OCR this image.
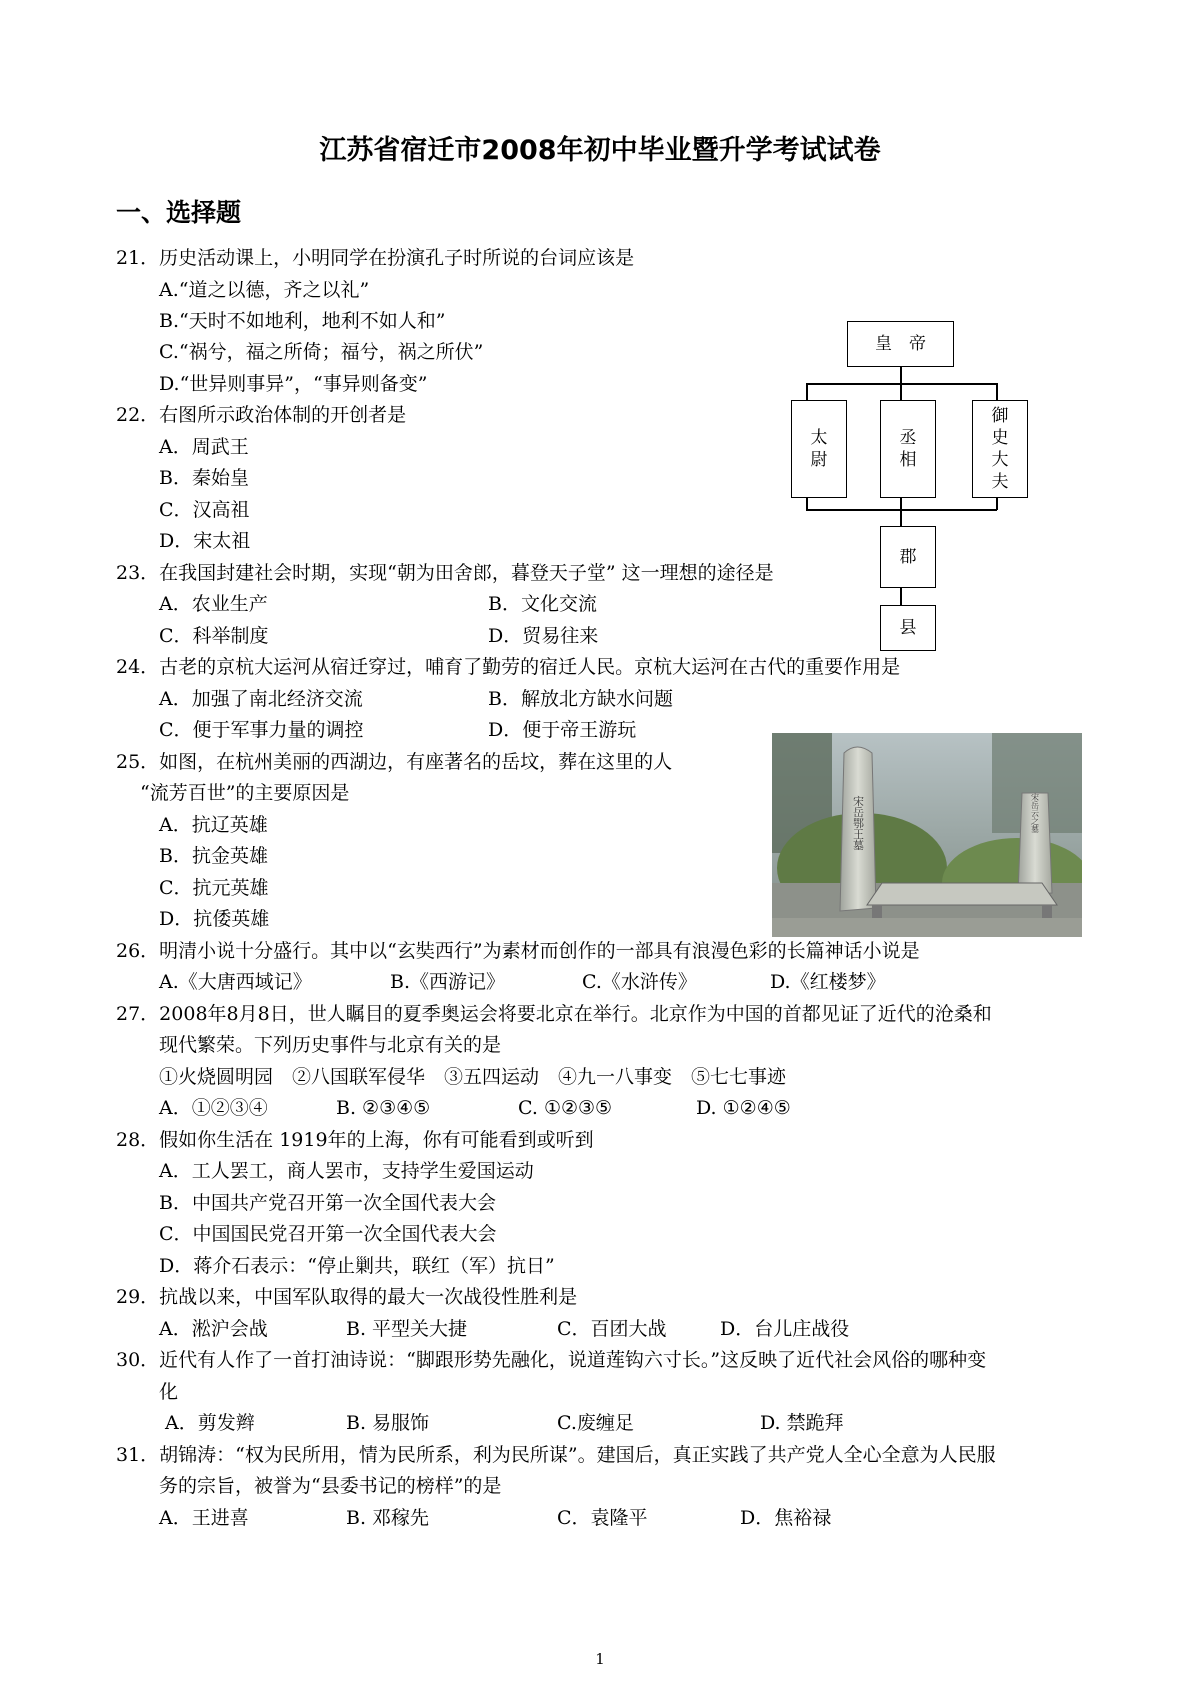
江苏省宿迁市2008年初中毕业暨升学考试试卷
一、选择题
21．历史活动课上，小明同学在扮演孔子时所说的台词应该是
A.“道之以德，齐之以礼”
B.“天时不如地利，地利不如人和”
C.“祸兮，福之所倚；福兮，祸之所伏”
D.“世异则事异”，“事异则备变”
22．右图所示政治体制的开创者是
A．周武王
B．秦始皇
C．汉高祖
D．宋太祖
23．在我国封建社会时期，实现“朝为田舍郎，暮登天子堂” 这一理想的途径是
A．农业生产	B．文化交流
C．科举制度	D．贸易往来
24．古老的京杭大运河从宿迁穿过，哺育了勤劳的宿迁人民。京杭大运河在古代的重要作用是
A．加强了南北经济交流	B．解放北方缺水问题
C．便于军事力量的调控	D．便于帝王游玩
25．如图，在杭州美丽的西湖边，有座著名的岳坟，葬在这里的人
“流芳百世”的主要原因是
A．抗辽英雄
B．抗金英雄
C．抗元英雄
D．抗倭英雄
26．明清小说十分盛行。其中以“玄奘西行”为素材而创作的一部具有浪漫色彩的长篇神话小说是
A.《大唐西域记》	B.《西游记》	C.《水浒传》	D.《红楼梦》
27．2008年8月8日，世人瞩目的夏季奥运会将要北京在举行。北京作为中国的首都见证了近代的沧桑和
现代繁荣。下列历史事件与北京有关的是
①火烧圆明园　②八国联军侵华　③五四运动　④九一八事变　⑤七七事迹
A．①②③④	B. ②③④⑤	C. ①②③⑤	D. ①②④⑤
28．假如你生活在 1919年的上海，你有可能看到或听到
A．工人罢工，商人罢市，支持学生爱国运动
B．中国共产党召开第一次全国代表大会
C．中国国民党召开第一次全国代表大会
D．蒋介石表示：“停止剿共，联红（军）抗日”
29．抗战以来，中国军队取得的最大一次战役性胜利是
A．淞沪会战	B. 平型关大捷	C．百团大战	D．台儿庄战役
30．近代有人作了一首打油诗说：“脚跟形势先融化，说道莲钩六寸长。”这反映了近代社会风俗的哪种变
化
A．剪发辫	B. 易服饰	C.废缠足	D. 禁跪拜
31．胡锦涛：“权为民所用，情为民所系，利为民所谋”。建国后，真正实践了共产党人全心全意为人民服
务的宗旨，被誉为“县委书记的榜样”的是
A．王进喜	B. 邓稼先	C．袁隆平	D．焦裕禄
皇　帝
太尉
丞相
御史大夫
郡
县
宋岳鄂王墓	宋岳云之墓
1
